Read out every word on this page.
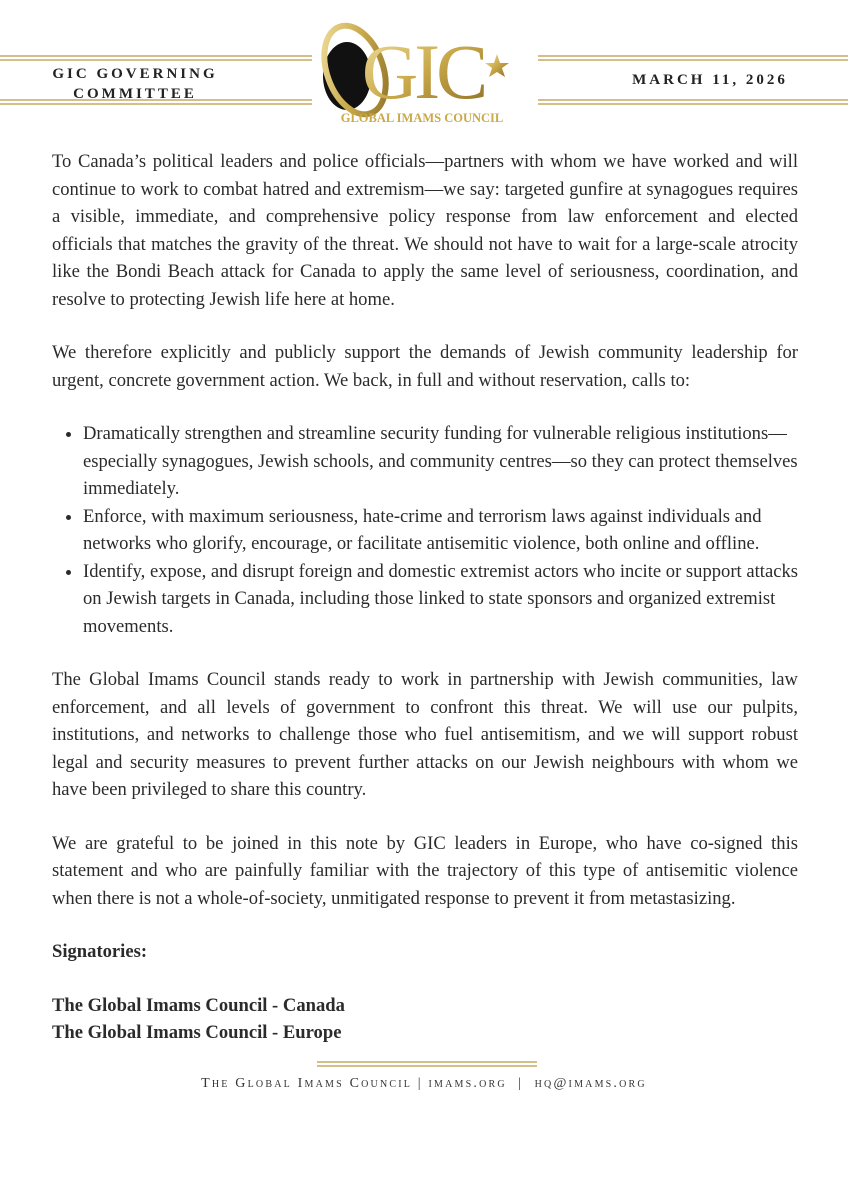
GIC GOVERNING
COMMITTEE
MARCH 11, 2026
GIC
GLOBAL IMAMS COUNCIL

To Canada’s political leaders and police officials—partners with whom we have worked and will continue to work to combat hatred and extremism—we say: targeted gunfire at synagogues requires a visible, immediate, and comprehensive policy response from law enforcement and elected officials that matches the gravity of the threat. We should not have to wait for a large-scale atrocity like the Bondi Beach attack for Canada to apply the same level of seriousness, coordination, and resolve to protecting Jewish life here at home.

We therefore explicitly and publicly support the demands of Jewish community leadership for urgent, concrete government action. We back, in full and without reservation, calls to:

• Dramatically strengthen and streamline security funding for vulnerable religious institutions—especially synagogues, Jewish schools, and community centres—so they can protect themselves immediately.
• Enforce, with maximum seriousness, hate-crime and terrorism laws against individuals and networks who glorify, encourage, or facilitate antisemitic violence, both online and offline.
• Identify, expose, and disrupt foreign and domestic extremist actors who incite or support attacks on Jewish targets in Canada, including those linked to state sponsors and organized extremist movements.

The Global Imams Council stands ready to work in partnership with Jewish communities, law enforcement, and all levels of government to confront this threat. We will use our pulpits, institutions, and networks to challenge those who fuel antisemitism, and we will support robust legal and security measures to prevent further attacks on our Jewish neighbours with whom we have been privileged to share this country.

We are grateful to be joined in this note by GIC leaders in Europe, who have co-signed this statement and who are painfully familiar with the trajectory of this type of antisemitic violence when there is not a whole-of-society, unmitigated response to prevent it from metastasizing.

Signatories:

The Global Imams Council - Canada
The Global Imams Council - Europe
The Global Imams Council | imams.org  |  hq@imams.org
